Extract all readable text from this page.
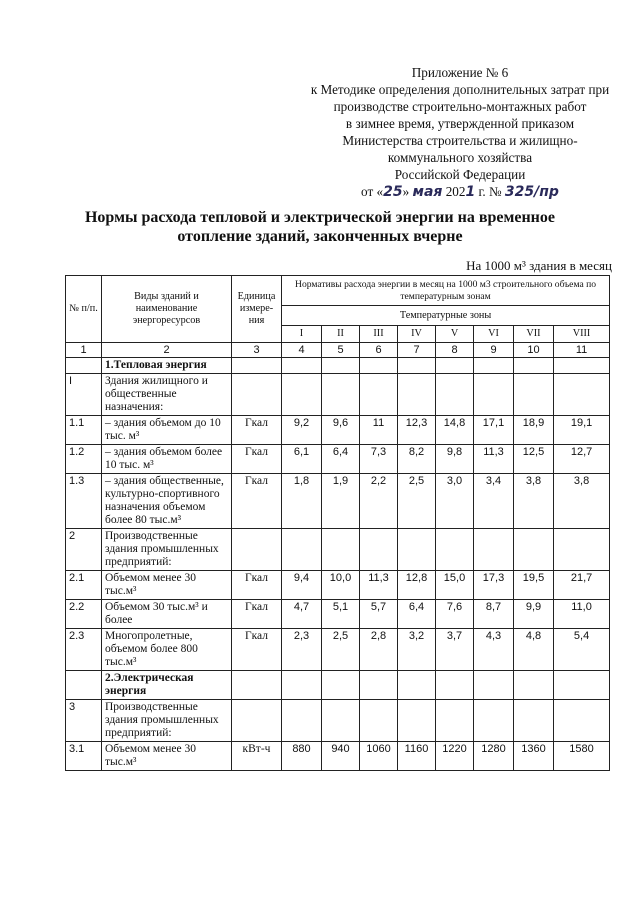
Приложение № 6
к Методике определения дополнительных затрат при
производстве строительно-монтажных работ
в зимнее время, утвержденной приказом
Министерства строительства и жилищно-
коммунального хозяйства
Российской Федерации
от «25» мая 2021 г. № 325/пр
Нормы расхода тепловой и электрической энергии на временное
отопление зданий, законченных вчерне
На 1000 м³ здания в месяц
№ п/п.	Виды зданий и наименование энергоресурсов	Единица измере-ния	Нормативы расхода энергии в месяц на 1000 м3 строительного объема по температурным зонам							
			Температурные зоны							
			I	II	III	IV	V	VI	VII	VIII
1	2	3	4	5	6	7	8	9	10	11
	1.Тепловая энергия									
I	Здания жилищного и общественные назначения:									
1.1	– здания объемом до 10 тыс. м³	Гкал	9,2	9,6	11	12,3	14,8	17,1	18,9	19,1
1.2	– здания объемом более 10 тыс. м³	Гкал	6,1	6,4	7,3	8,2	9,8	11,3	12,5	12,7
1.3	– здания общественные, культурно-спортивного назначения объемом более 80 тыс.м³	Гкал	1,8	1,9	2,2	2,5	3,0	3,4	3,8	3,8
2	Производственные здания промышленных предприятий:									
2.1	Объемом менее 30 тыс.м³	Гкал	9,4	10,0	11,3	12,8	15,0	17,3	19,5	21,7
2.2	Объемом 30 тыс.м³ и более	Гкал	4,7	5,1	5,7	6,4	7,6	8,7	9,9	11,0
2.3	Многопролетные, объемом более 800 тыс.м³	Гкал	2,3	2,5	2,8	3,2	3,7	4,3	4,8	5,4
	2.Электрическая энергия									
3	Производственные здания промышленных предприятий:									
3.1	Объемом менее 30 тыс.м³	кВт-ч	880	940	1060	1160	1220	1280	1360	1580
